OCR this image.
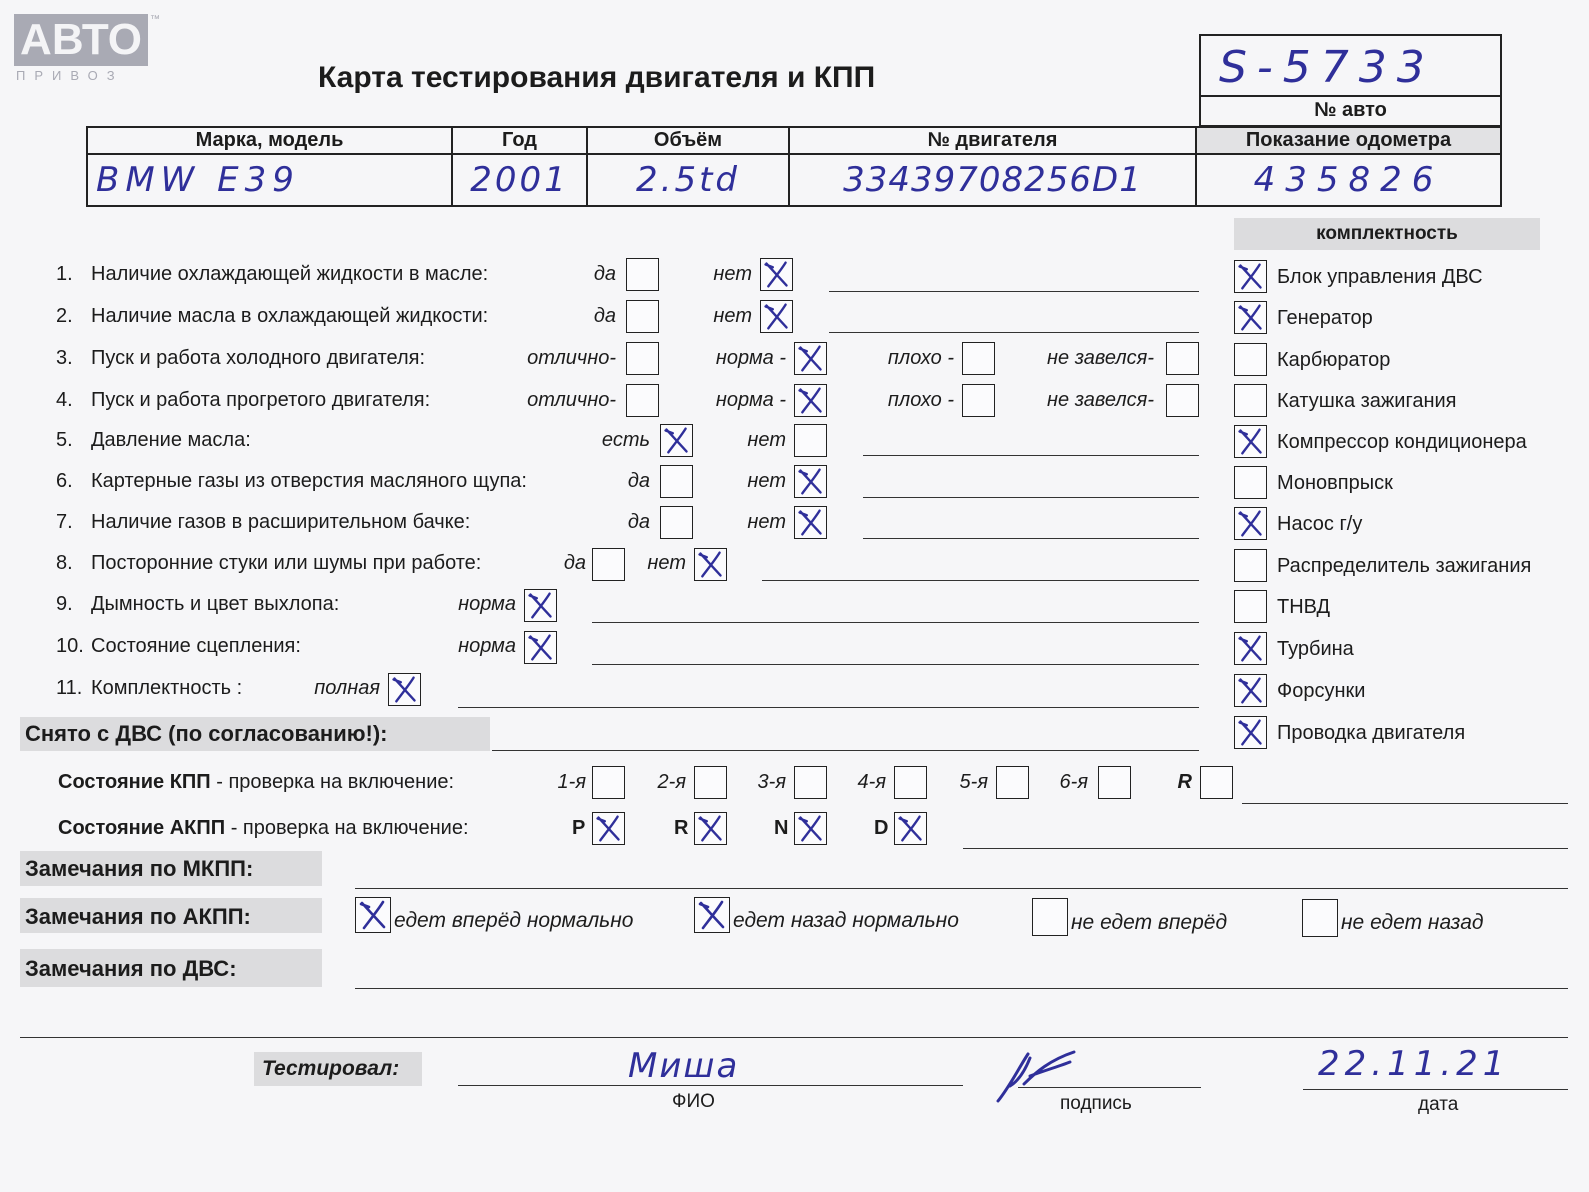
АВТО ™
ПРИВОЗ	Карта тестирования двигателя и КПП	S-5733
№ авто
Марка, модель	Год	Объём	№ двигателя	Показание одометра
BMW E39	2001	2.5td	33439708256D1	435826
комплектность
Блок управления ДВС
Генератор
Карбюратор
Катушка зажигания
Компрессор кондиционера
Моновпрыск
Насос г/у
Распределитель зажигания
ТНВД
Турбина
Форсунки
Проводка двигателя
1. Наличие охлаждающей жидкости в масле:	да	нет
2. Наличие масла в охлаждающей жидкости:	да	нет
3. Пуск и работа холодного двигателя:	отлично-	норма -	плохо -	не завелся-
4. Пуск и работа прогретого двигателя:	отлично-	норма -	плохо -	не завелся-
5. Давление масла:	есть	нет
6. Картерные газы из отверстия масляного щупа:	да	нет
7. Наличие газов в расширительном бачке:	да	нет
8. Посторонние стуки или шумы при работе:	да	нет
9. Дымность и цвет выхлопа:	норма
10. Состояние сцепления:	норма
11. Комплектность :	полная
Снято с ДВС (по согласованию!):
Состояние КПП - проверка на включение:	1-я	2-я	3-я	4-я	5-я	6-я	R
Состояние АКПП - проверка на включение:	P	R	N	D
Замечания по МКПП:
Замечания по АКПП:	едет вперёд нормально	едет назад нормально	не едет вперёд	не едет назад
Замечания по ДВС:
Тестировал:	Миша
ФИО	подпись
22.11.21
дата
